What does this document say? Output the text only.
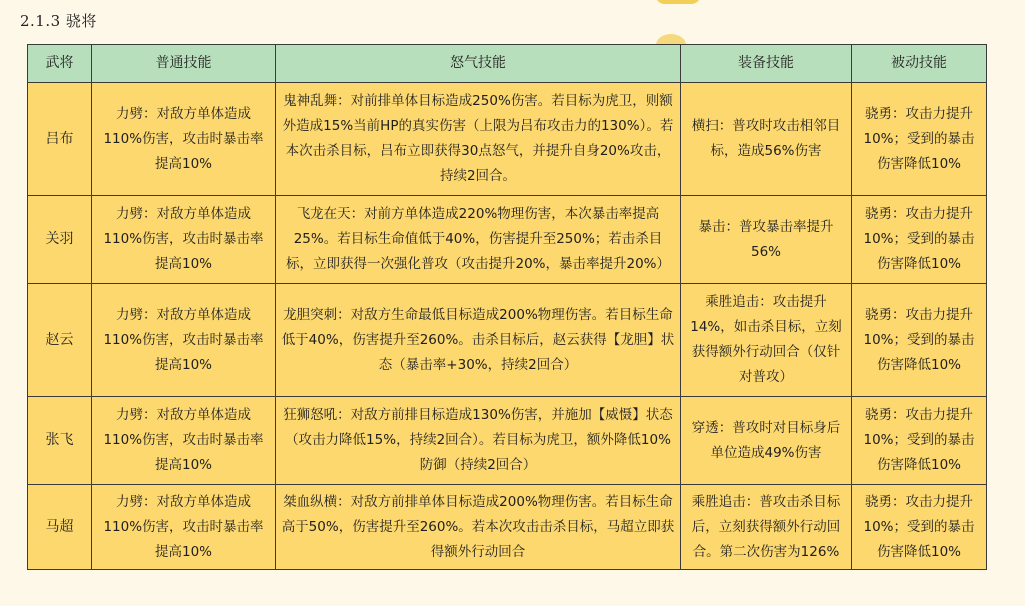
2.1.3 骁将
武将	普通技能	怒气技能	装备技能	被动技能
吕布	力劈：对敌方单体造成110%伤害，攻击时暴击率提高10%	鬼神乱舞：对前排单体目标造成250%伤害。若目标为虎卫，则额外造成15%当前HP的真实伤害（上限为吕布攻击力的130%）。若本次击杀目标，吕布立即获得30点怒气，并提升自身20%攻击，持续2回合。	横扫：普攻时攻击相邻目标，造成56%伤害	骁勇：攻击力提升10%；受到的暴击伤害降低10%
关羽	力劈：对敌方单体造成110%伤害，攻击时暴击率提高10%	飞龙在天：对前方单体造成220%物理伤害，本次暴击率提高25%。若目标生命值低于40%，伤害提升至250%；若击杀目标，立即获得一次强化普攻（攻击提升20%，暴击率提升20%）	暴击：普攻暴击率提升56%	骁勇：攻击力提升10%；受到的暴击伤害降低10%
赵云	力劈：对敌方单体造成110%伤害，攻击时暴击率提高10%	龙胆突刺：对敌方生命最低目标造成200%物理伤害。若目标生命低于40%，伤害提升至260%。击杀目标后，赵云获得【龙胆】状态（暴击率+30%，持续2回合）	乘胜追击：攻击提升14%，如击杀目标，立刻获得额外行动回合（仅针对普攻）	骁勇：攻击力提升10%；受到的暴击伤害降低10%
张飞	力劈：对敌方单体造成110%伤害，攻击时暴击率提高10%	狂狮怒吼：对敌方前排目标造成130%伤害，并施加【威慑】状态（攻击力降低15%，持续2回合）。若目标为虎卫，额外降低10%防御（持续2回合）	穿透：普攻时对目标身后单位造成49%伤害	骁勇：攻击力提升10%；受到的暴击伤害降低10%
马超	力劈：对敌方单体造成110%伤害，攻击时暴击率提高10%	桀血纵横：对敌方前排单体目标造成200%物理伤害。若目标生命高于50%，伤害提升至260%。若本次攻击击杀目标，马超立即获得额外行动回合	乘胜追击：普攻击杀目标后，立刻获得额外行动回合。第二次伤害为126%	骁勇：攻击力提升10%；受到的暴击伤害降低10%
